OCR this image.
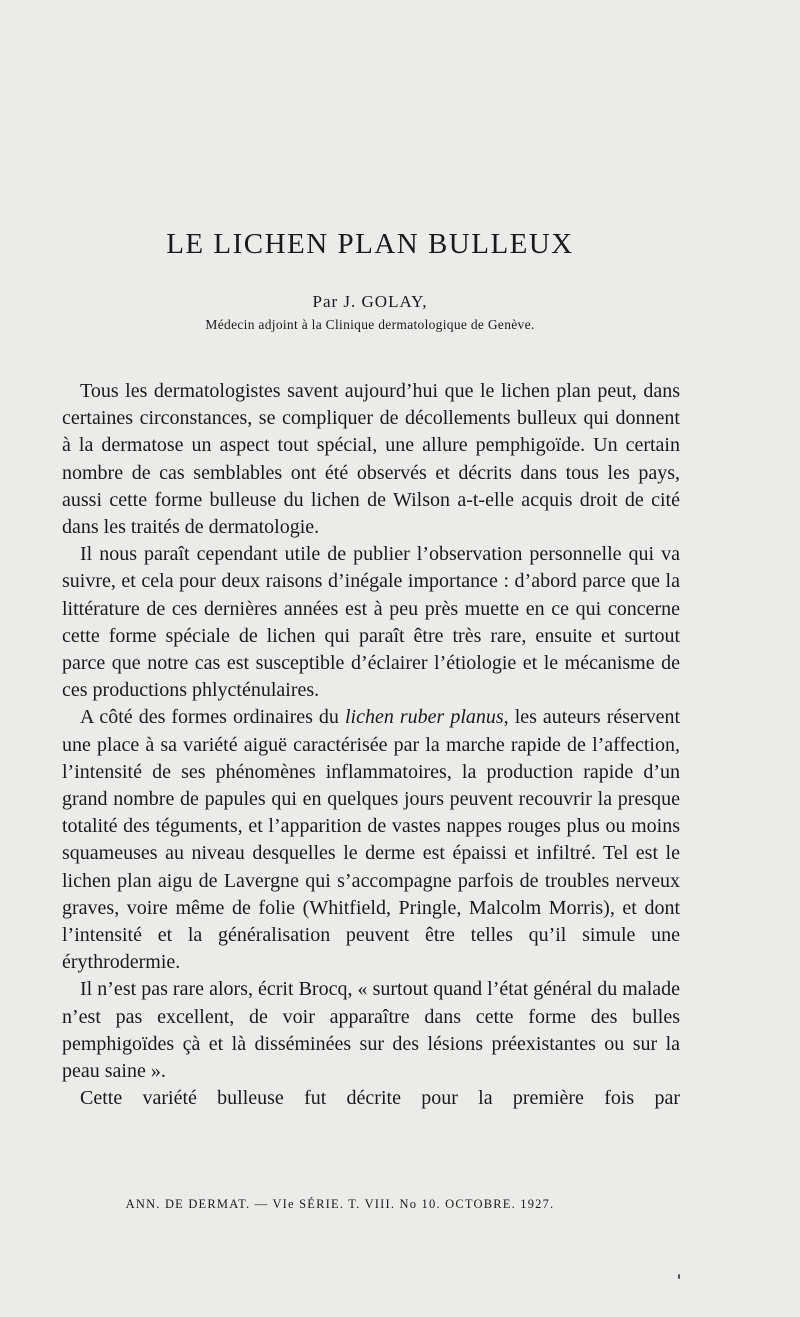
LE LICHEN PLAN BULLEUX
Par J. GOLAY,
Médecin adjoint à la Clinique dermatologique de Genève.

Tous les dermatologistes savent aujourd’hui que le lichen plan peut, dans certaines circonstances, se compliquer de décollements bulleux qui donnent à la dermatose un aspect tout spécial, une allure pemphigoïde. Un certain nombre de cas semblables ont été observés et décrits dans tous les pays, aussi cette forme bulleuse du lichen de Wilson a-t-elle acquis droit de cité dans les traités de dermatologie.

Il nous paraît cependant utile de publier l’observation personnelle qui va suivre, et cela pour deux raisons d’inégale importance : d’abord parce que la littérature de ces dernières années est à peu près muette en ce qui concerne cette forme spéciale de lichen qui paraît être très rare, ensuite et surtout parce que notre cas est susceptible d’éclairer l’étiologie et le mécanisme de ces productions phlycténulaires.

A côté des formes ordinaires du lichen ruber planus, les auteurs réservent une place à sa variété aiguë caractérisée par la marche rapide de l’affection, l’intensité de ses phénomènes inflammatoires, la production rapide d’un grand nombre de papules qui en quelques jours peuvent recouvrir la presque totalité des téguments, et l’apparition de vastes nappes rouges plus ou moins squameuses au niveau desquelles le derme est épaissi et infiltré. Tel est le lichen plan aigu de Lavergne qui s’accompagne parfois de troubles nerveux graves, voire même de folie (Whitfield, Pringle, Malcolm Morris), et dont l’intensité et la généralisation peuvent être telles qu’il simule une érythrodermie.

Il n’est pas rare alors, écrit Brocq, « surtout quand l’état général du malade n’est pas excellent, de voir apparaître dans cette forme des bulles pemphigoïdes çà et là disséminées sur des lésions préexistantes ou sur la peau saine ».

Cette variété bulleuse fut décrite pour la première fois par

ANN. DE DERMAT. — VIe SÉRIE. T. VIII. No 10. OCTOBRE. 1927.
